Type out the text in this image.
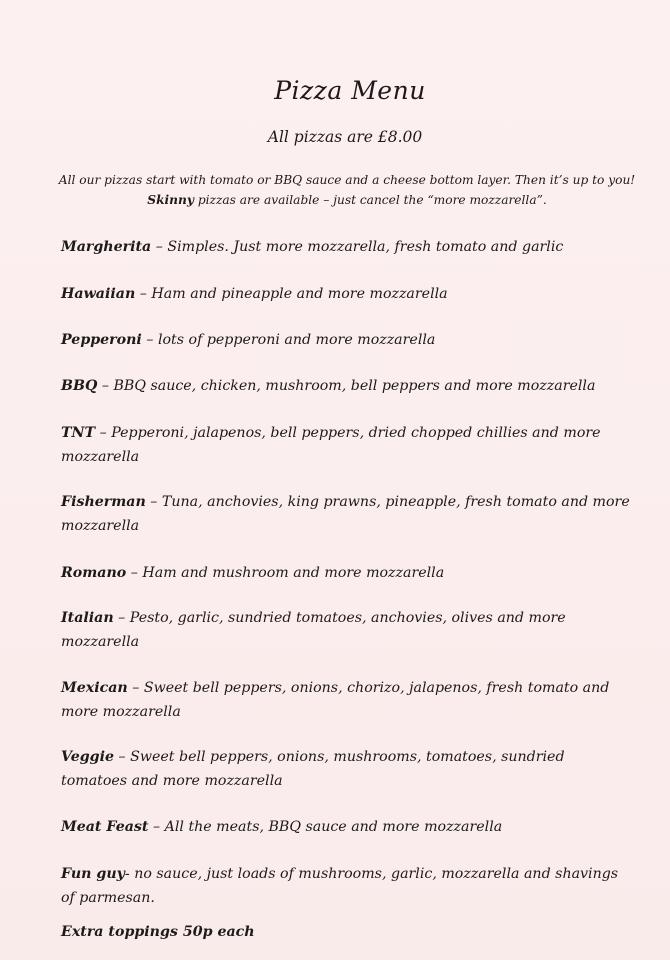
Pizza Menu
All pizzas are £8.00
All our pizzas start with tomato or BBQ sauce and a cheese bottom layer. Then it’s up to you! Skinny pizzas are available – just cancel the “more mozzarella”.
Margherita – Simples. Just more mozzarella, fresh tomato and garlic
Hawaiian – Ham and pineapple and more mozzarella
Pepperoni – lots of pepperoni and more mozzarella
BBQ – BBQ sauce, chicken, mushroom, bell peppers and more mozzarella
TNT – Pepperoni, jalapenos, bell peppers, dried chopped chillies and more mozzarella
Fisherman – Tuna, anchovies, king prawns, pineapple, fresh tomato and more mozzarella
Romano – Ham and mushroom and more mozzarella
Italian – Pesto, garlic, sundried tomatoes, anchovies, olives and more mozzarella
Mexican – Sweet bell peppers, onions, chorizo, jalapenos, fresh tomato and more mozzarella
Veggie – Sweet bell peppers, onions, mushrooms, tomatoes, sundried tomatoes and more mozzarella
Meat Feast – All the meats, BBQ sauce and more mozzarella
Fun guy- no sauce, just loads of mushrooms, garlic, mozzarella and shavings of parmesan.
Extra toppings 50p each
